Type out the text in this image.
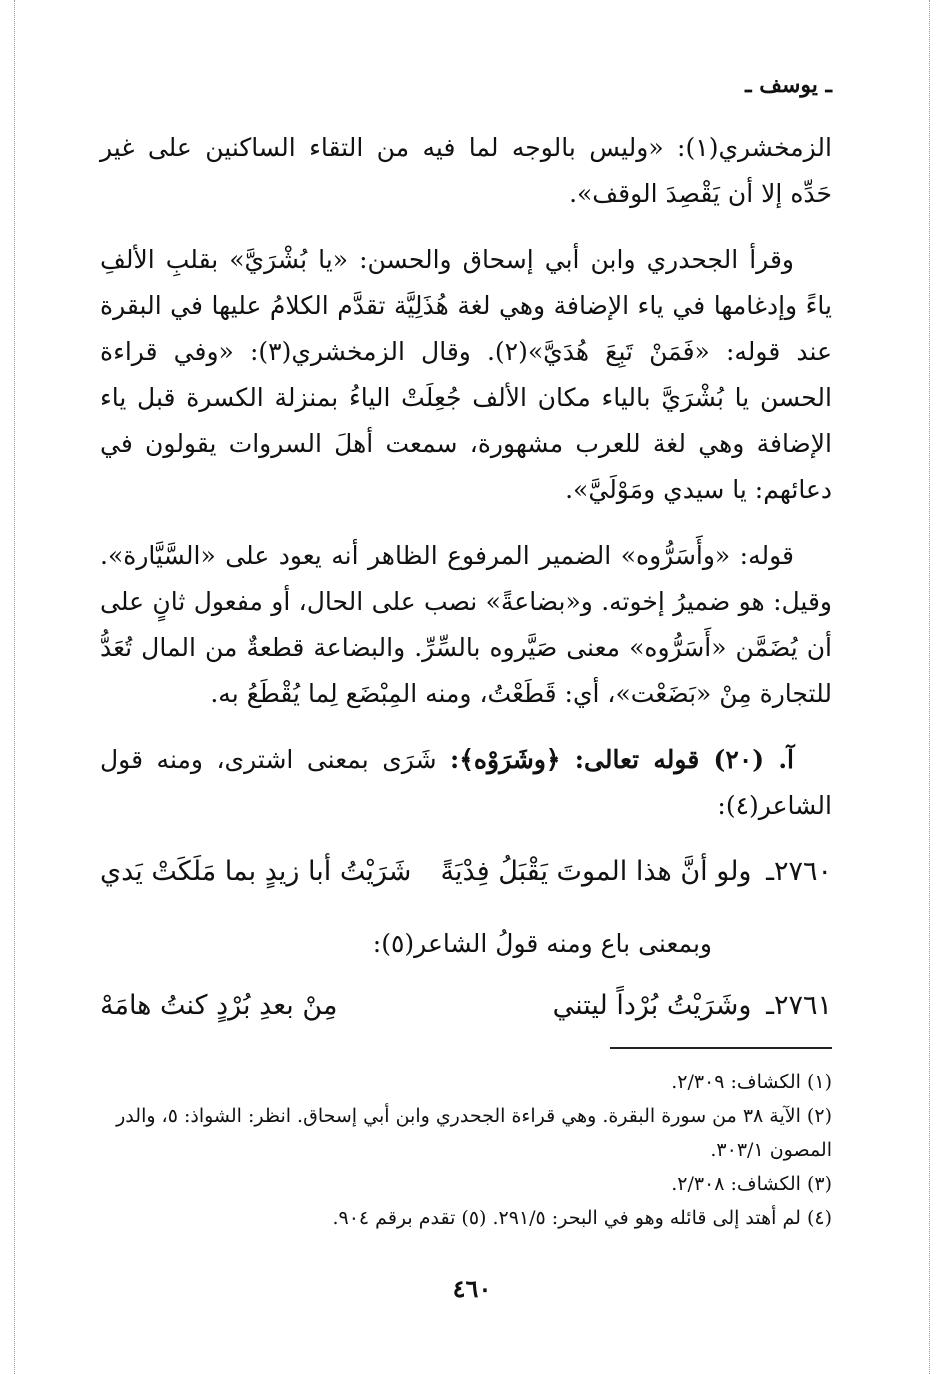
ـ يوسف ـ

الزمخشري(١): «وليس بالوجه لما فيه من التقاء الساكنين على غير حَدِّه إلا أن يَقْصِدَ الوقف».

وقرأ الجحدري وابن أبي إسحاق والحسن: «يا بُشْرَيَّ» بقلبِ الألفِ ياءً وإدغامها في ياء الإضافة وهي لغة هُذَلِيَّة تقدَّم الكلامُ عليها في البقرة عند قوله: «فَمَنْ تَبِعَ هُدَيَّ»(٢). وقال الزمخشري(٣): «وفي قراءة الحسن يا بُشْرَيَّ بالياء مكان الألف جُعِلَتْ الياءُ بمنزلة الكسرة قبل ياء الإضافة وهي لغة للعرب مشهورة، سمعت أهلَ السروات يقولون في دعائهم: يا سيدي ومَوْلَيَّ».

قوله: «وأَسَرُّوه» الضمير المرفوع الظاهر أنه يعود على «السَّيَّارة». وقيل: هو ضميرُ إخوته. و«بضاعةً» نصب على الحال، أو مفعول ثانٍ على أن يُضَمَّن «أَسَرُّوه» معنى صَيَّروه بالسِّرِّ. والبضاعة قطعةٌ من المال تُعَدُّ للتجارة مِنْ «بَضَعْت»، أي: قَطَعْتُ، ومنه المِبْضَع لِما يُقْطَعُ به.

آ. (٢٠) قوله تعالى: ﴿وشَرَوْه﴾: شَرَى بمعنى اشترى، ومنه قول الشاعر(٤):

٢٧٦٠ـ ولو أنَّ هذا الموتَ يَقْبَلُ فِدْيَةً
شَرَيْتُ أبا زيدٍ بما مَلَكَتْ يَدي

وبمعنى باع ومنه قولُ الشاعر(٥):

٢٧٦١ـ وشَرَيْتُ بُرْداً ليتني
مِنْ بعدِ بُرْدٍ كنتُ هامَهْ

(١) الكشاف: ٢/٣٠٩.

(٢) الآية ٣٨ من سورة البقرة. وهي قراءة الجحدري وابن أبي إسحاق. انظر: الشواذ: ٥، والدر المصون ٣٠٣/١.

(٣) الكشاف: ٢/٣٠٨.

(٤) لم أهتد إلى قائله وهو في البحر: ٢٩١/٥. (٥) تقدم برقم ٩٠٤.

٤٦٠
